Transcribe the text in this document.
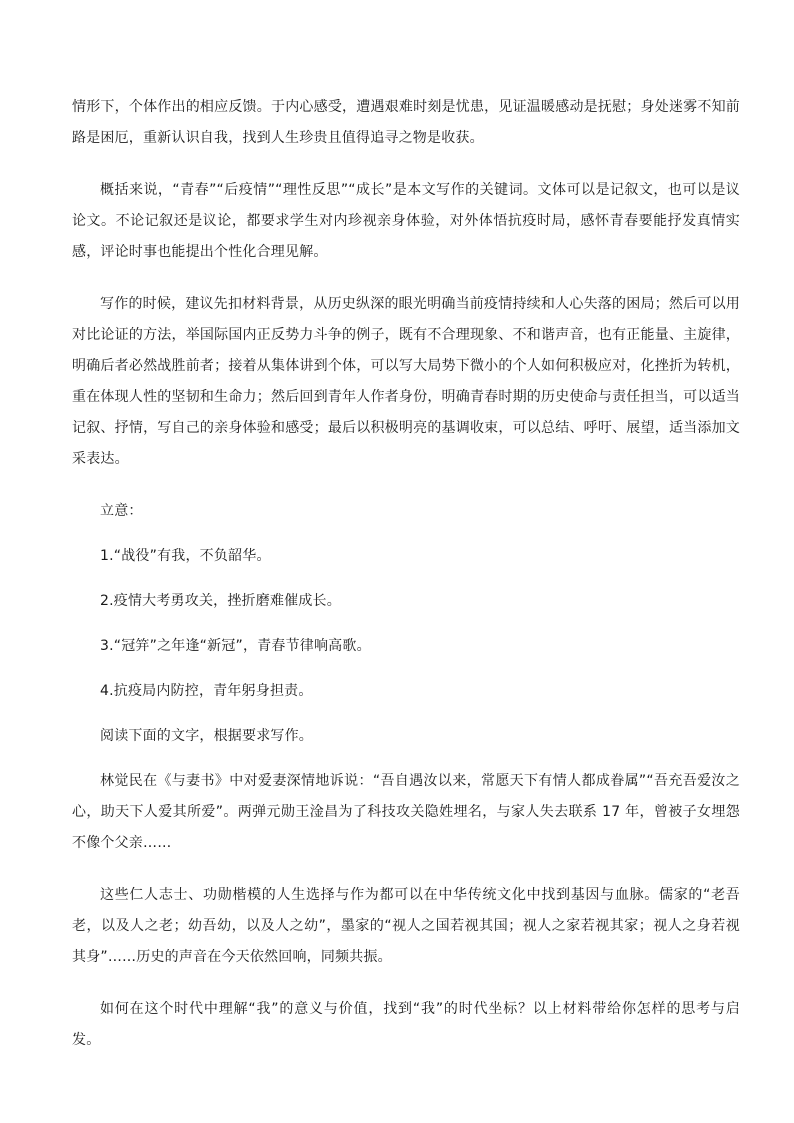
情形下，个体作出的相应反馈。于内心感受，遭遇艰难时刻是忧患，见证温暖感动是抚慰；身处迷雾不知前路是困厄，重新认识自我，找到人生珍贵且值得追寻之物是收获。

概括来说，“青春”“后疫情”“理性反思”“成长”是本文写作的关键词。文体可以是记叙文，也可以是议论文。不论记叙还是议论，都要求学生对内珍视亲身体验，对外体悟抗疫时局，感怀青春要能抒发真情实感，评论时事也能提出个性化合理见解。

写作的时候，建议先扣材料背景，从历史纵深的眼光明确当前疫情持续和人心失落的困局；然后可以用对比论证的方法，举国际国内正反势力斗争的例子，既有不合理现象、不和谐声音，也有正能量、主旋律，明确后者必然战胜前者；接着从集体讲到个体，可以写大局势下微小的个人如何积极应对，化挫折为转机，重在体现人性的坚韧和生命力；然后回到青年人作者身份，明确青春时期的历史使命与责任担当，可以适当记叙、抒情，写自己的亲身体验和感受；最后以积极明亮的基调收束，可以总结、呼吁、展望，适当添加文采表达。

立意：

1.“战役”有我，不负韶华。

2.疫情大考勇攻关，挫折磨难催成长。

3.“冠笄”之年逢“新冠”，青春节律响高歌。

4.抗疫局内防控，青年躬身担责。

阅读下面的文字，根据要求写作。

林觉民在《与妻书》中对爱妻深情地诉说：“吾自遇汝以来，常愿天下有情人都成眷属”“吾充吾爱汝之心，助天下人爱其所爱”。两弹元勋王淦昌为了科技攻关隐姓埋名，与家人失去联系 17 年，曾被子女埋怨不像个父亲……

这些仁人志士、功勋楷模的人生选择与作为都可以在中华传统文化中找到基因与血脉。儒家的“老吾老，以及人之老；幼吾幼，以及人之幼”，墨家的“视人之国若视其国；视人之家若视其家；视人之身若视其身”……历史的声音在今天依然回响，同频共振。

如何在这个时代中理解“我”的意义与价值，找到“我”的时代坐标？以上材料带给你怎样的思考与启发。
